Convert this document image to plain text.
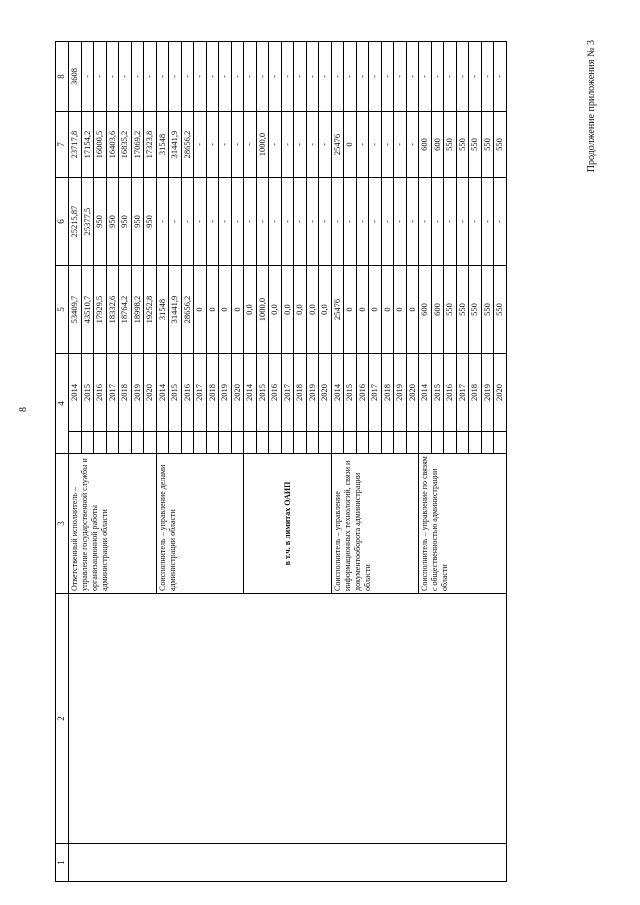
8
Продолжение приложения № 3
1	2	3	4		5	6	7	8	
		Ответственный исполнитель – управление государственной службы и организационной работы администрации области		2014	53409,7	25215,87	23717,8	3608	
				2015	43510,7	25377,5	17154,2	-	
				2016	17929,5	950	16000,5	-	
				2017	18332,6	950	16403,6	-	
				2018	18764,2	950	16835,2	-	
				2019	18998,2	950	17069,2	-	
				2020	19252,8	950	17323,8	-	
		Соисполнитель – управление делами администрации области		2014	31548	-	31548	-	
				2015	31441,9	-	31441,9	-	
				2016	28656,2	-	28656,2	-	
				2017	0	-	-	-	
				2018	0	-	-	-	
				2019	0	-	-	-	
				2020	0	-	-	-	
		в т.ч. в лимитах ОАИП		2014	0,0	-	-	-	
				2015	1000,0	-	1000,0	-	
				2016	0,0	-	-	-	
				2017	0,0	-	-	-	
				2018	0,0	-	-	-	
				2019	0,0	-	-	-	
				2020	0,0	-	-	-	
		Соисполнитель – управление информационных технологий, связи и документооборота администрации области		2014	25476	-	25476	-	
				2015	0	-	0	-	
				2016	0	-	-	-	
				2017	0	-	-	-	
				2018	0	-	-	-	
				2019	0	-	-	-	
				2020	0	-	-	-	
		Соисполнитель – управление по связям с общественностью администрации области		2014	600	-	600	-	
				2015	600	-	600	-	
				2016	550	-	550	-	
				2017	550	-	550	-	
				2018	550	-	550	-	
				2019	550	-	550	-	
				2020	550	-	550	-	
